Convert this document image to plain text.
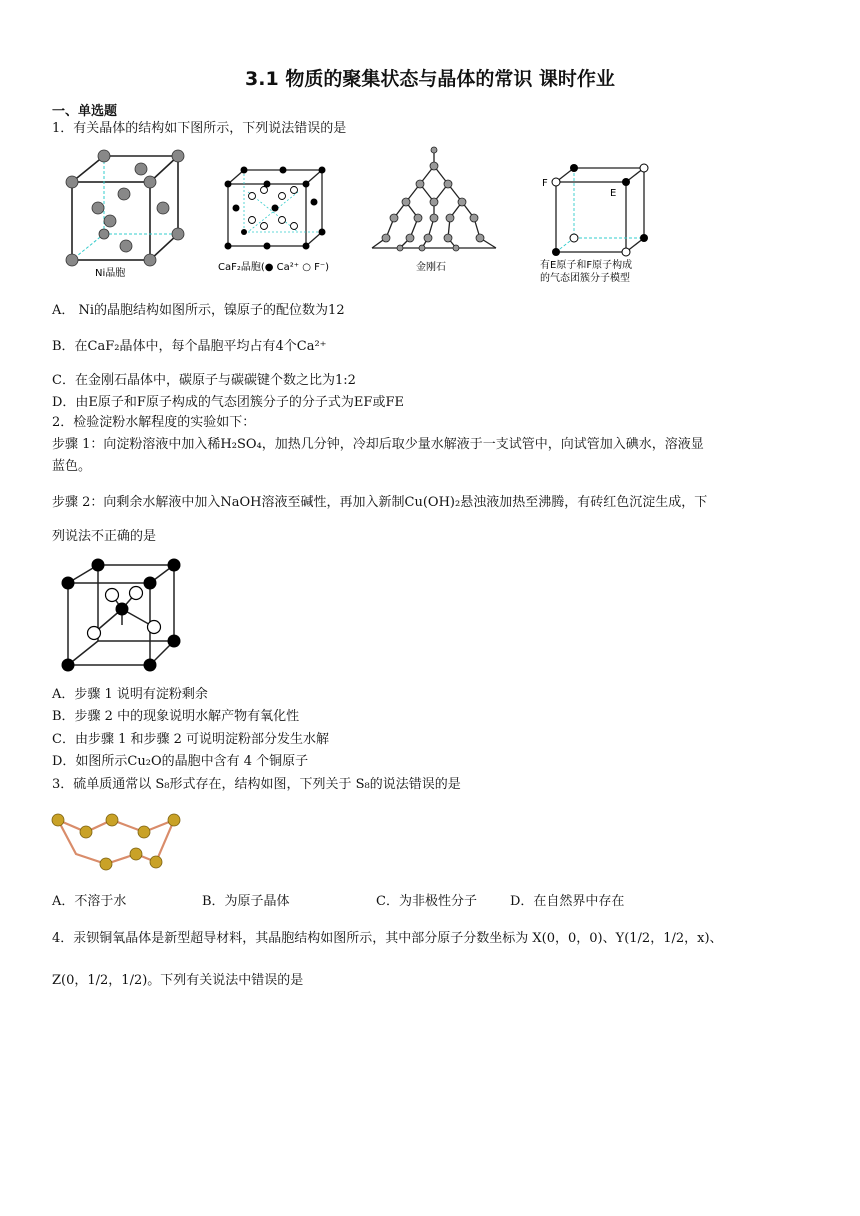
3.1 物质的聚集状态与晶体的常识 课时作业
一、单选题
1．有关晶体的结构如下图所示，下列说法错误的是
Ni晶胞
CaF₂晶胞(● Ca²⁺ ○ F⁻)	金刚石
F
E
有E原子和F原子构成
的气态团簇分子模型
A． Ni的晶胞结构如图所示，镍原子的配位数为12
B．在CaF₂晶体中，每个晶胞平均占有4个Ca²⁺
C．在金刚石晶体中，碳原子与碳碳键个数之比为1:2
D．由E原子和F原子构成的气态团簇分子的分子式为EF或FE
2．检验淀粉水解程度的实验如下：
步骤 1：向淀粉溶液中加入稀H₂SO₄，加热几分钟，冷却后取少量水解液于一支试管中，向试管加入碘水，溶液显
蓝色。
步骤 2：向剩余水解液中加入NaOH溶液至碱性，再加入新制Cu(OH)₂悬浊液加热至沸腾，有砖红色沉淀生成，下
列说法不正确的是
A．步骤 1 说明有淀粉剩余
B．步骤 2 中的现象说明水解产物有氧化性
C．由步骤 1 和步骤 2 可说明淀粉部分发生水解
D．如图所示Cu₂O的晶胞中含有 4 个铜原子
3．硫单质通常以 S₈形式存在，结构如图，下列关于 S₈的说法错误的是
A．不溶于水	B．为原子晶体	C．为非极性分子	D．在自然界中存在
4．汞钡铜氧晶体是新型超导材料，其晶胞结构如图所示，其中部分原子分数坐标为 X(0，0，0)、Y(1/2，1/2，x)、
Z(0，1/2，1/2)。下列有关说法中错误的是
